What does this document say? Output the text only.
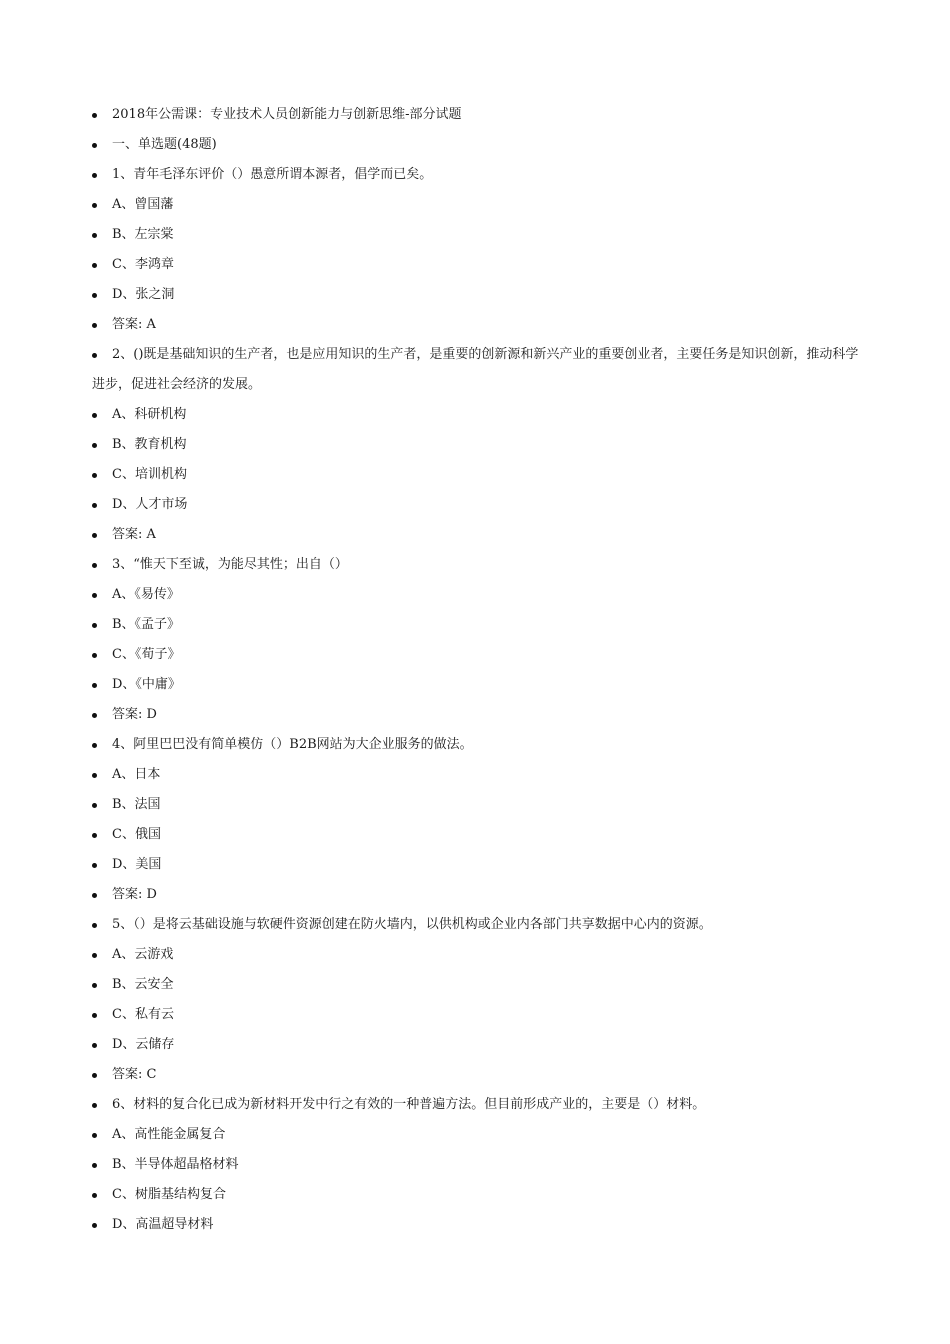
2018年公需课：专业技术人员创新能力与创新思维-部分试题
一、单选题(48题)
1、青年毛泽东评价（）愚意所谓本源者，倡学而已矣。
A、曾国藩
B、左宗棠
C、李鸿章
D、张之洞
答案: A
2、()既是基础知识的生产者，也是应用知识的生产者，是重要的创新源和新兴产业的重要创业者，主要任务是知识创新，推动科学进步，促进社会经济的发展。
A、科研机构
B、教育机构
C、培训机构
D、人才市场
答案: A
3、“惟天下至诚，为能尽其性；出自（）
A、《易传》
B、《孟子》
C、《荀子》
D、《中庸》
答案: D
4、阿里巴巴没有简单模仿（）B2B网站为大企业服务的做法。
A、日本
B、法国
C、俄国
D、美国
答案: D
5、（）是将云基础设施与软硬件资源创建在防火墙内，以供机构或企业内各部门共享数据中心内的资源。
A、云游戏
B、云安全
C、私有云
D、云储存
答案: C
6、材料的复合化已成为新材料开发中行之有效的一种普遍方法。但目前形成产业的，主要是（）材料。
A、高性能金属复合
B、半导体超晶格材料
C、树脂基结构复合
D、高温超导材料
